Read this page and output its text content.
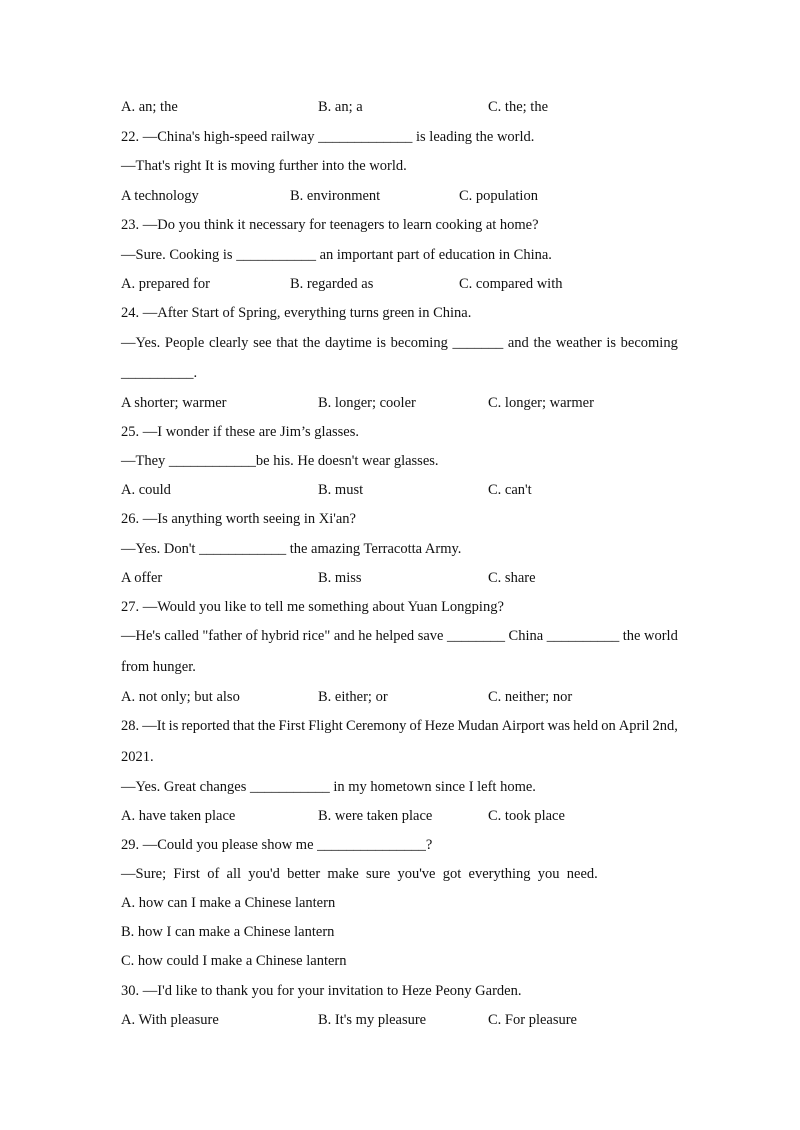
A. an; the	B. an; a	C. the; the
22. —China's high-speed railway _____________ is leading the world.
—That's right It is moving further into the world.
A technology	B. environment	C. population
23. —Do you think it necessary for teenagers to learn cooking at home?
—Sure. Cooking is ___________ an important part of education in China.
A. prepared for	B. regarded as	C. compared with
24. —After Start of Spring, everything turns green in China.
—Yes. People clearly see that the daytime is becoming _______ and the weather is becoming
__________.
A shorter; warmer	B. longer; cooler	C. longer; warmer
25. —I wonder if these are Jim’s glasses.
—They ____________be his. He doesn't wear glasses.
A. could	B. must	C. can't
26. —Is anything worth seeing in Xi'an?
—Yes. Don't ____________ the amazing Terracotta Army.
A offer	B. miss	C. share
27. —Would you like to tell me something about Yuan Longping?
—He's called "father of hybrid rice" and he helped save ________ China __________ the world
from hunger.
A. not only; but also	B. either; or	C. neither; nor
28. —It is reported that the First Flight Ceremony of Heze Mudan Airport was held on April 2nd,
2021.
—Yes. Great changes ___________ in my hometown since I left home.
A. have taken place	B. were taken place	C. took place
29. —Could you please show me _______________?
—Sure;  First  of  all  you'd  better  make  sure  you've  got  everything  you  need.
A. how can I make a Chinese lantern
B. how I can make a Chinese lantern
C. how could I make a Chinese lantern
30. —I'd like to thank you for your invitation to Heze Peony Garden.
A. With pleasure	B. It's my pleasure	C. For pleasure
